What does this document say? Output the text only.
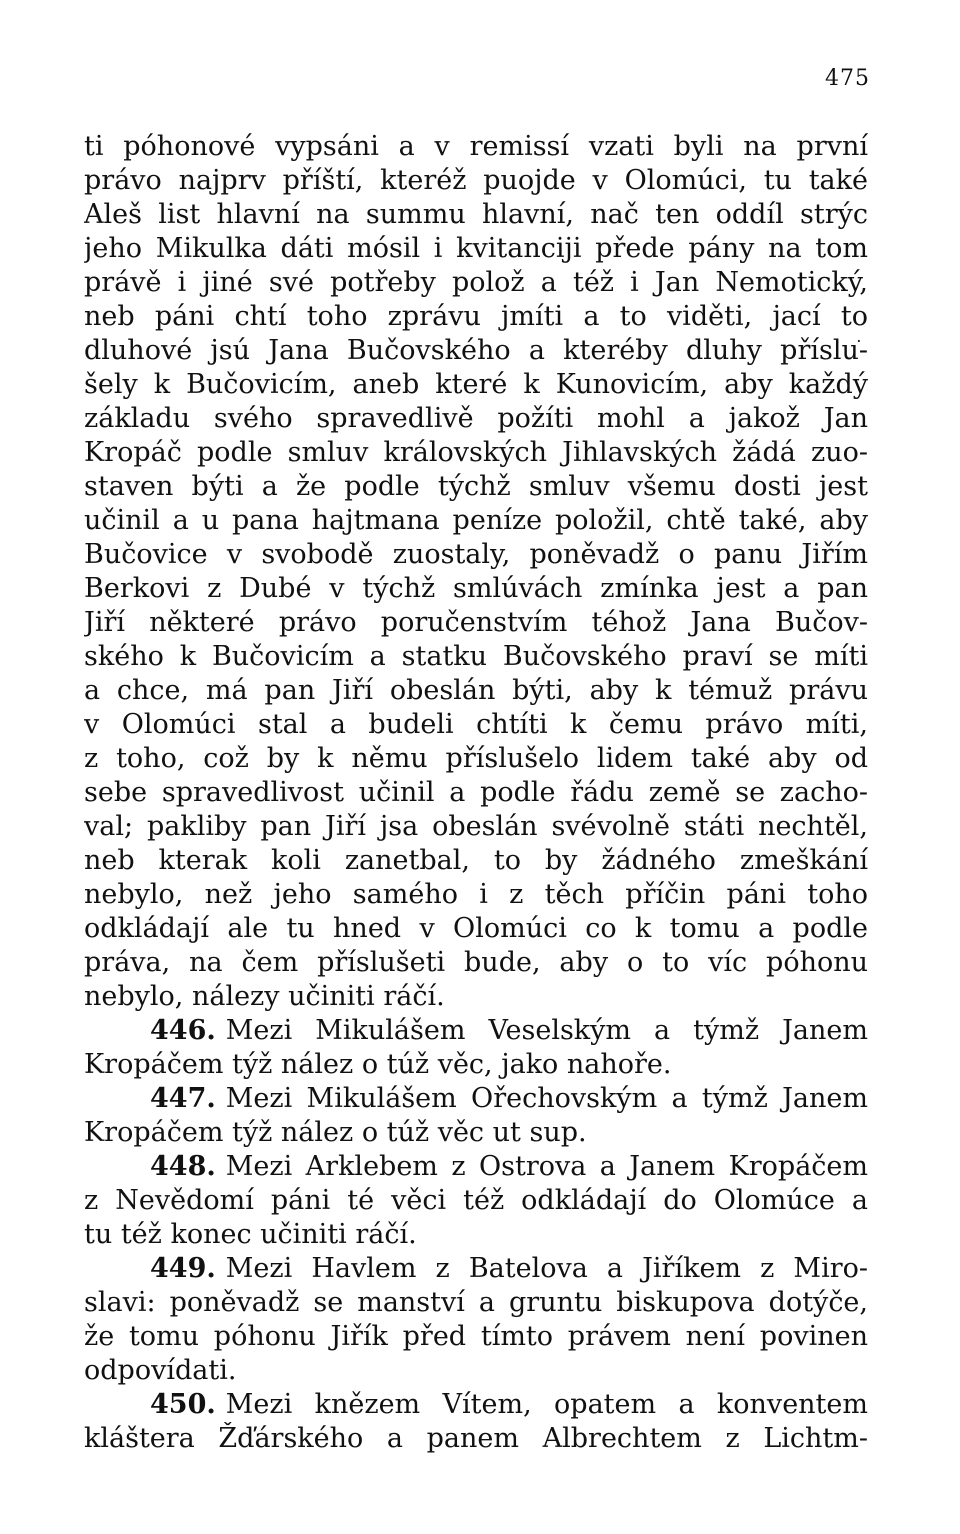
475
ti póhonové vypsáni a v remissí vzati byli na první
právo najprv příští, kteréž puojde v Olomúci, tu také
Aleš list hlavní na summu hlavní, nač ten oddíl strýc
jeho Mikulka dáti mósil i kvitanciji přede pány na tom
právě i jiné své potřeby polož a též i Jan Nemotický,
neb páni chtí toho zprávu jmíti a to viděti, jací to
dluhové jsú Jana Bučovského a kteréby dluhy přísluֹ-
šely k Bučovicím, aneb které k Kunovicím, aby každý
základu svého spravedlivě požíti mohl a jakož Jan
Kropáč podle smluv královských Jihlavských žádá zuo-
staven býti a že podle týchž smluv všemu dosti jest
učinil a u pana hajtmana peníze položil, chtě také, aby
Bučovice v svobodě zuostaly, poněvadž o panu Jiřím
Berkovi z Dubé v týchž smlúvách zmínka jest a pan
Jiří některé právo poručenstvím téhož Jana Bučov-
ského k Bučovicím a statku Bučovského praví se míti
a chce, má pan Jiří obeslán býti, aby k témuž právu
v Olomúci stal a budeli chtíti k čemu právo míti,
z toho, což by k němu příslušelo lidem také aby od
sebe spravedlivost učinil a podle řádu země se zacho-
val; pakliby pan Jiří jsa obeslán svévolně státi nechtěl,
neb kterak koli zanetbal, to by žádného zmeškání
nebylo, než jeho samého i z těch příčin páni toho
odkládají ale tu hned v Olomúci co k tomu a podle
práva, na čem příslušeti bude, aby o to víc póhonu
nebylo, nálezy učiniti ráčí.
446. Mezi Mikulášem Veselským a týmž Janem
Kropáčem týž nález o túž věc, jako nahoře.
447. Mezi Mikulášem Ořechovským a týmž Janem
Kropáčem týž nález o túž věc ut sup.
448. Mezi Arklebem z Ostrova a Janem Kropáčem
z Nevědomí páni té věci též odkládají do Olomúce a
tu též konec učiniti ráčí.
449. Mezi Havlem z Batelova a Jiříkem z Miro-
slavi: poněvadž se manství a gruntu biskupova dotýče,
že tomu póhonu Jiřík před tímto právem není povinen
odpovídati.
450. Mezi knězem Vítem, opatem a konventem
kláštera Žďárského a panem Albrechtem z Lichtm-
